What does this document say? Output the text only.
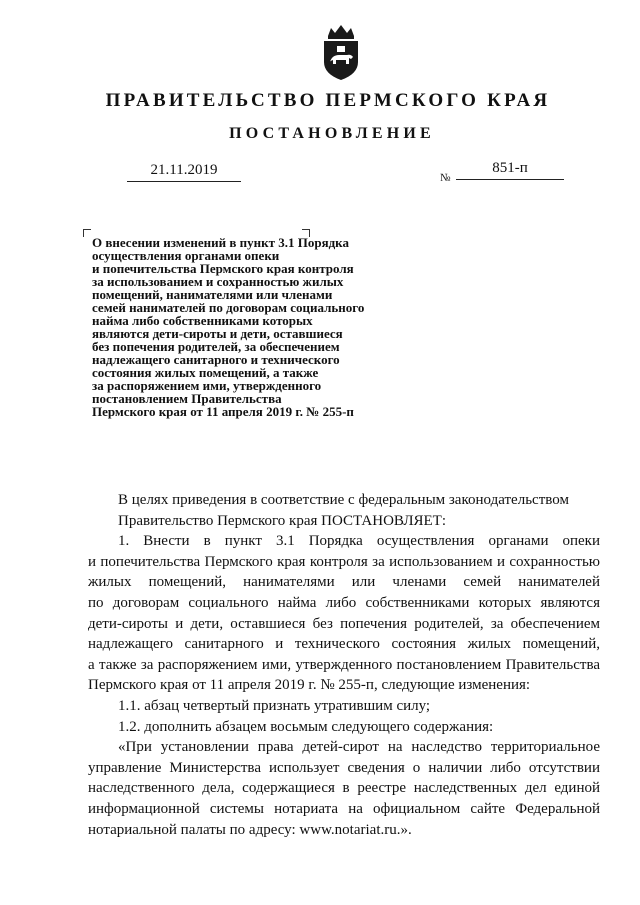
ПРАВИТЕЛЬСТВО ПЕРМСКОГО КРАЯ
ПОСТАНОВЛЕНИЕ
21.11.2019	№
851-п
О внесении изменений в пункт 3.1 Порядка
осуществления органами опеки
и попечительства Пермского края контроля
за использованием и сохранностью жилых
помещений, нанимателями или членами
семей нанимателей по договорам социального
найма либо собственниками которых
являются дети-сироты и дети, оставшиеся
без попечения родителей, за обеспечением
надлежащего санитарного и технического
состояния жилых помещений, а также
за распоряжением ими, утвержденного
постановлением Правительства
Пермского края от 11 апреля 2019 г. № 255-п
В целях приведения в соответствие с федеральным законодательством
Правительство Пермского края ПОСТАНОВЛЯЕТ:
1. Внести в пункт 3.1 Порядка осуществления органами опеки
и попечительства Пермского края контроля за использованием и сохранностью
жилых помещений, нанимателями или членами семей нанимателей
по договорам социального найма либо собственниками которых являются
дети-сироты и дети, оставшиеся без попечения родителей, за обеспечением
надлежащего санитарного и технического состояния жилых помещений,
а также за распоряжением ими, утвержденного постановлением Правительства
Пермского края от 11 апреля 2019 г. № 255-п, следующие изменения:
1.1. абзац четвертый признать утратившим силу;
1.2. дополнить абзацем восьмым следующего содержания:
«При установлении права детей-сирот на наследство территориальное
управление Министерства использует сведения о наличии либо отсутствии
наследственного дела, содержащиеся в реестре наследственных дел единой
информационной системы нотариата на официальном сайте Федеральной
нотариальной палаты по адресу: www.notariat.ru.».
